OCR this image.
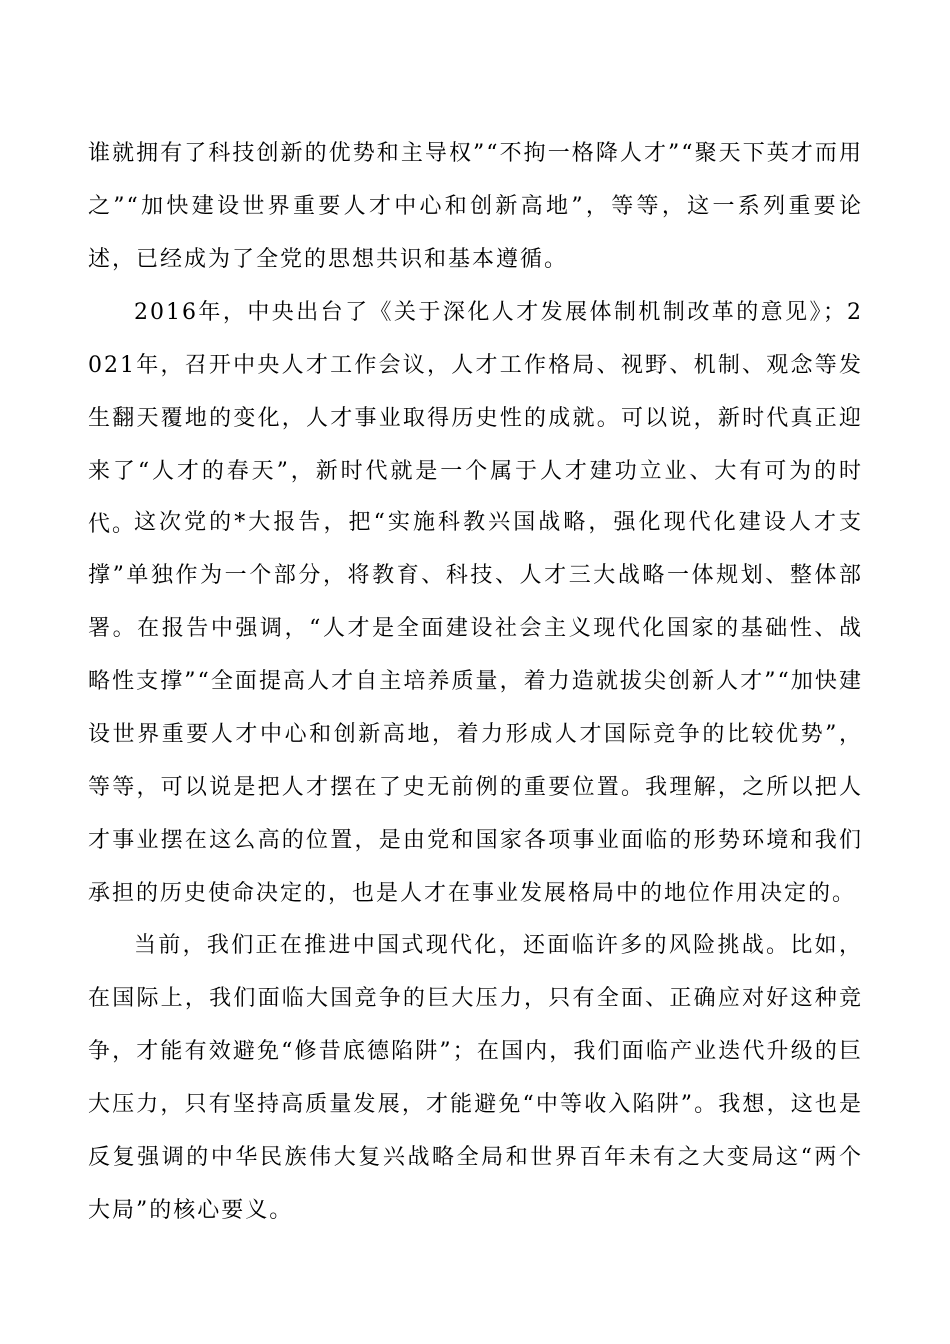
谁就拥有了科技创新的优势和主导权”“不拘一格降人才”“聚天下英才而用之”“加快建设世界重要人才中心和创新高地”，等等，这一系列重要论述，已经成为了全党的思想共识和基本遵循。

2016年，中央出台了《关于深化人才发展体制机制改革的意见》；2021年，召开中央人才工作会议，人才工作格局、视野、机制、观念等发生翻天覆地的变化，人才事业取得历史性的成就。可以说，新时代真正迎来了“人才的春天”，新时代就是一个属于人才建功立业、大有可为的时代。

这次党的*大报告，把“实施科教兴国战略，强化现代化建设人才支撑”单独作为一个部分，将教育、科技、人才三大战略一体规划、整体部署。在报告中强调，“人才是全面建设社会主义现代化国家的基础性、战略性支撑”“全面提高人才自主培养质量，着力造就拔尖创新人才”“加快建设世界重要人才中心和创新高地，着力形成人才国际竞争的比较优势”，等等，可以说是把人才摆在了史无前例的重要位置。我理解，之所以把人才事业摆在这么高的位置，是由党和国家各项事业面临的形势环境和我们承担的历史使命决定的，也是人才在事业发展格局中的地位作用决定的。

当前，我们正在推进中国式现代化，还面临许多的风险挑战。比如，在国际上，我们面临大国竞争的巨大压力，只有全面、正确应对好这种竞争，才能有效避免“修昔底德陷阱”；在国内，我们面临产业迭代升级的巨大压力，只有坚持高质量发展，才能避免“中等收入陷阱”。我想，这也是反复强调的中华民族伟大复兴战略全局和世界百年未有之大变局这“两个大局”的核心要义。
